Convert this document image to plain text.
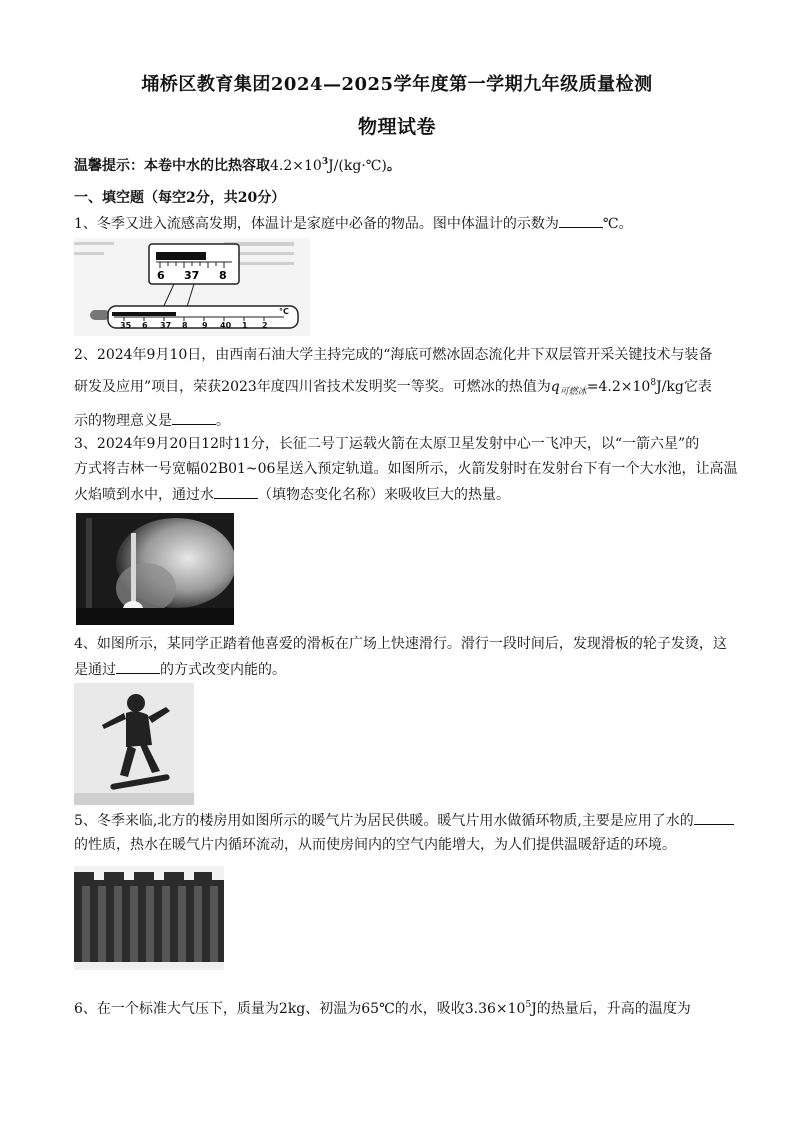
埇桥区教育集团2024—2025学年度第一学期九年级质量检测
物理试卷
温馨提示：本卷中水的比热容取$4.2\times 10^3J/(kg\cdot℃)$。
一、填空题（每空2分，共20分）
1、冬季又进入流感高发期，体温计是家庭中必备的物品。图中体温计的示数为	℃。
6 37 8
35 6 37 8 9 40 1 2
°C
2、2024年9月10日，由西南石油大学主持完成的“海底可燃冰固态流化井下双层管开采关键技术与装备
研发及应用”项目，荣获2023年度四川省技术发明奖一等奖。可燃冰的热值为$q_{可燃冰}=4.2\times 10^8J/kg$它表
示的物理意义是	。
3、2024年9月20日12时11分，长征二号丁运载火箭在太原卫星发射中心一飞冲天，以“一箭六星”的
方式将吉林一号宽幅02B01~06星送入预定轨道。如图所示，火箭发射时在发射台下有一个大水池，让高温
火焰喷到水中，通过水	（填物态变化名称）来吸收巨大的热量。
4、如图所示，某同学正踏着他喜爱的滑板在广场上快速滑行。滑行一段时间后，发现滑板的轮子发烫，这
是通过	的方式改变内能的。
5、冬季来临,北方的楼房用如图所示的暖气片为居民供暖。暖气片用水做循环物质,主要是应用了水的
的性质，热水在暖气片内循环流动，从而使房间内的空气内能增大，为人们提供温暖舒适的环境。
6、在一个标准大气压下，质量为2kg、初温为65℃的水，吸收$3.36\times 10^5J$的热量后，升高的温度为
